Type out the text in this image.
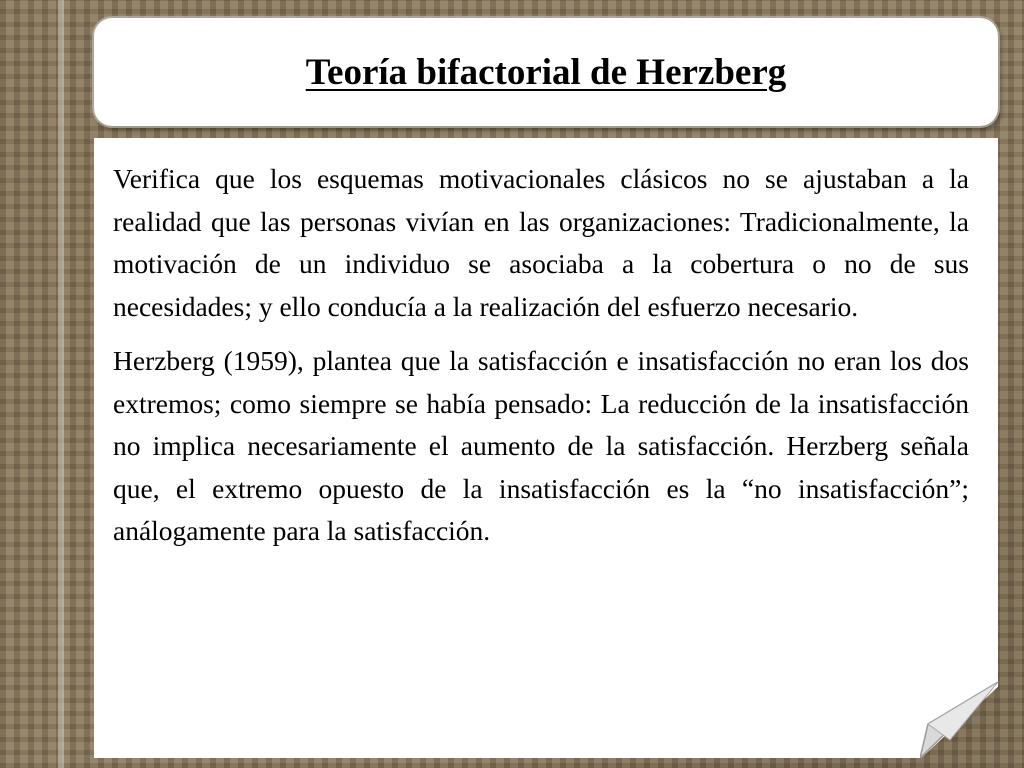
Teoría bifactorial de Herzberg

Verifica que los esquemas motivacionales clásicos no se ajustaban a la realidad que las personas vivían en las organizaciones: Tradicionalmente, la motivación de un individuo se asociaba a la cobertura o no de sus necesidades; y ello conducía a la realización del esfuerzo necesario.

Herzberg (1959), plantea que la satisfacción e insatisfacción no eran los dos extremos; como siempre se había pensado: La reducción de la insatisfacción no implica necesariamente el aumento de la satisfacción. Herzberg señala que, el extremo opuesto de la insatisfacción es la “no insatisfacción”; análogamente para la satisfacción.
